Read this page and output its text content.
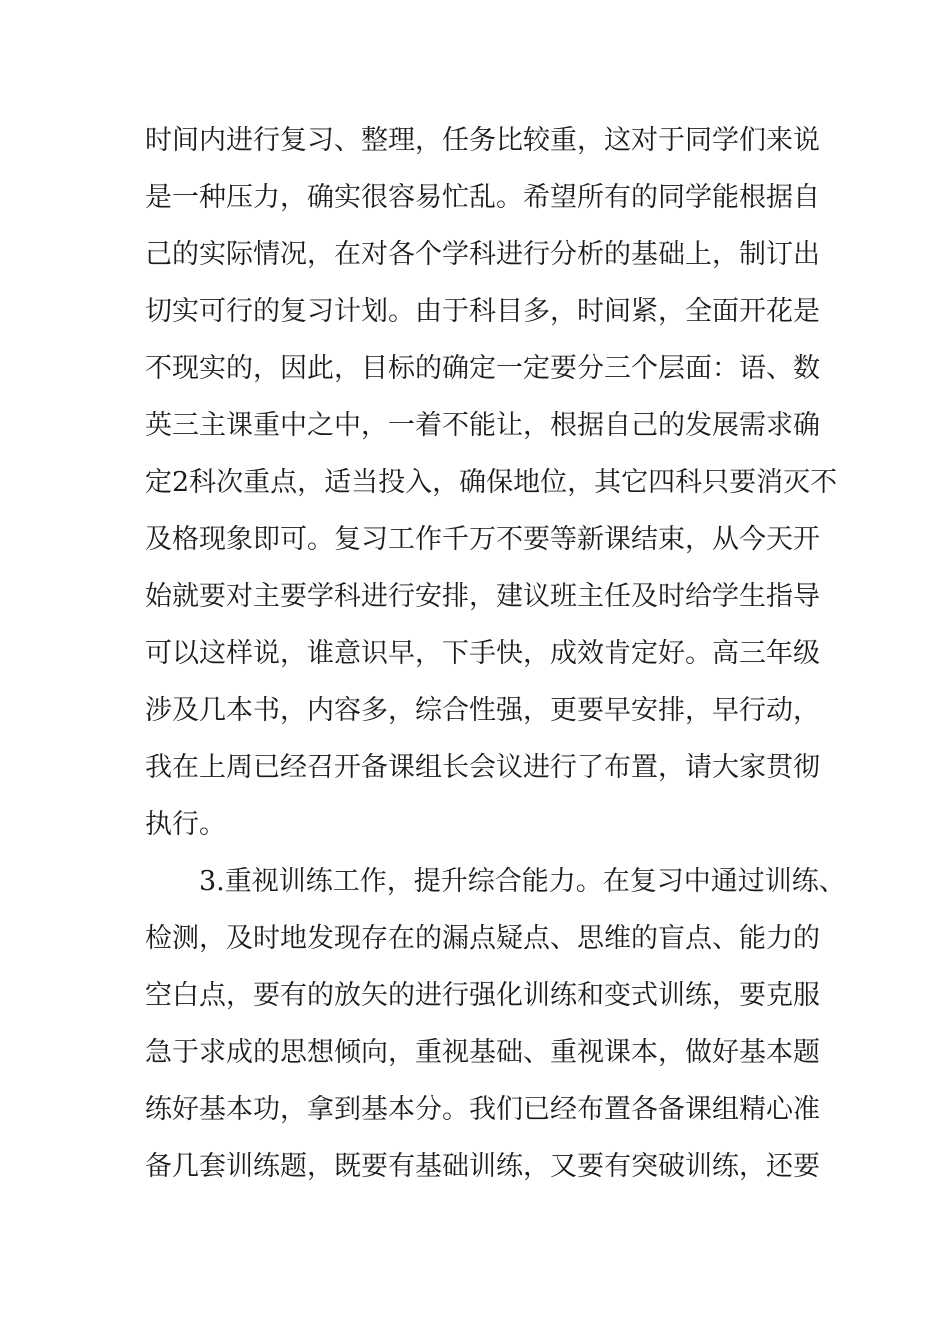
时间内进行复习、整理，任务比较重，这对于同学们来说
是一种压力，确实很容易忙乱。希望所有的同学能根据自
己的实际情况，在对各个学科进行分析的基础上，制订出
切实可行的复习计划。由于科目多，时间紧，全面开花是
不现实的，因此，目标的确定一定要分三个层面：语、数
英三主课重中之中，一着不能让，根据自己的发展需求确
定2科次重点，适当投入，确保地位，其它四科只要消灭不
及格现象即可。复习工作千万不要等新课结束，从今天开
始就要对主要学科进行安排，建议班主任及时给学生指导
可以这样说，谁意识早，下手快，成效肯定好。高三年级
涉及几本书，内容多，综合性强，更要早安排，早行动，
我在上周已经召开备课组长会议进行了布置，请大家贯彻
执行。
3.重视训练工作，提升综合能力。在复习中通过训练、
检测，及时地发现存在的漏点疑点、思维的盲点、能力的
空白点，要有的放矢的进行强化训练和变式训练，要克服
急于求成的思想倾向，重视基础、重视课本，做好基本题
练好基本功，拿到基本分。我们已经布置各备课组精心准
备几套训练题，既要有基础训练，又要有突破训练，还要
